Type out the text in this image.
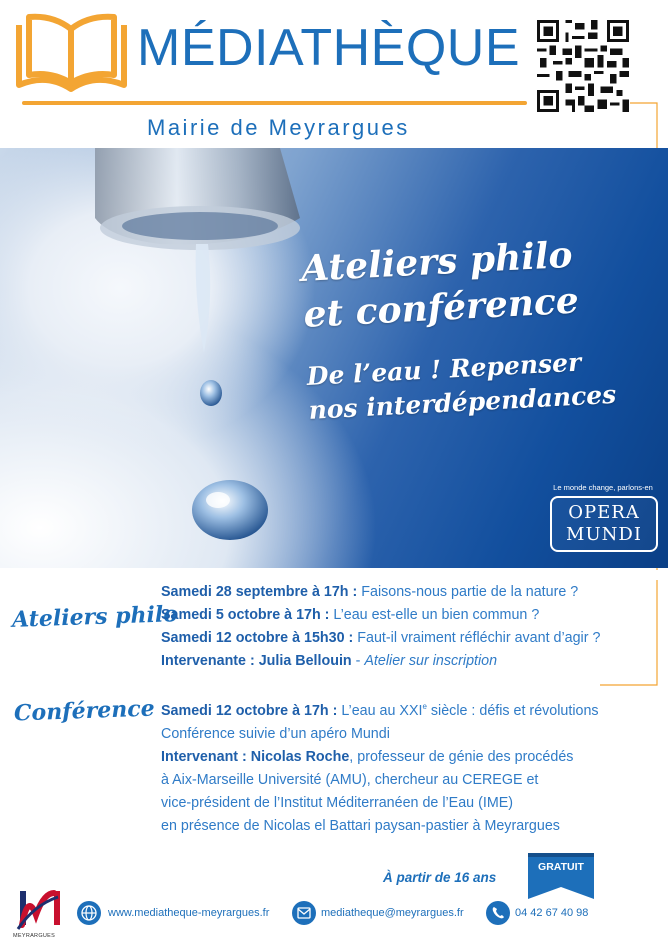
MÉDIATHÈQUE
Mairie de Meyrargues
Ateliers philo
et conférence
De l’eau ! Repenser
nos interdépendances
Le monde change, parlons-en
OPERA
MUNDI
Ateliers philo
Samedi 28 septembre à 17h : Faisons-nous partie de la nature ?
Samedi 5 octobre à 17h : L’eau est-elle un bien commun ?
Samedi 12 octobre à 15h30 : Faut-il vraiment réfléchir avant d’agir ?
Intervenante : Julia Bellouin - Atelier sur inscription
Conférence Samedi 12 octobre à 17h : L’eau au XXIe siècle : défis et révolutions
Conférence suivie d’un apéro Mundi
Intervenant : Nicolas Roche, professeur de génie des procédés
à Aix-Marseille Université (AMU), chercheur au CEREGE et
vice-président de l’Institut Méditerranéen de l’Eau (IME)
en présence de Nicolas el Battari paysan-pastier à Meyrargues
À partir de 16 ans
GRATUIT
MEYRARGUES
www.mediatheque-meyrargues.fr	mediatheque@meyrargues.fr	04 42 67 40 98
